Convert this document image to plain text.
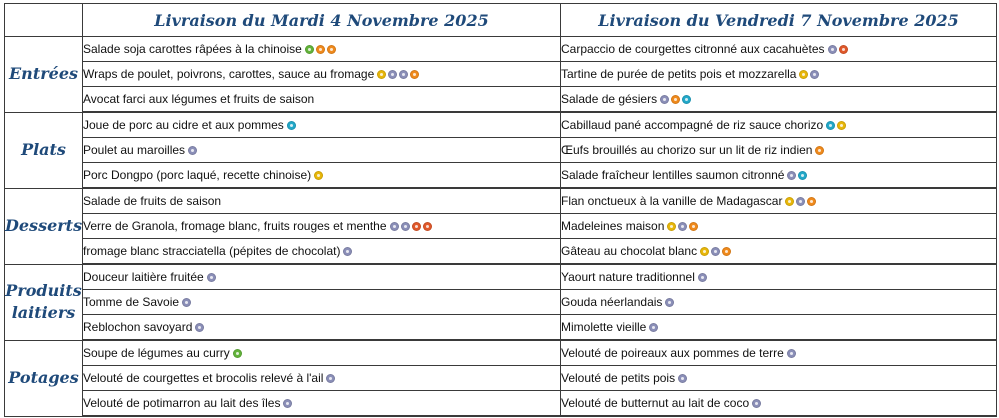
	Livraison du Mardi 4 Novembre 2025	Livraison du Vendredi 7 Novembre 2025
Entrées	Salade soja carottes râpées à la chinoise	Carpaccio de courgettes citronné aux cacahuètes
	Wraps de poulet, poivrons, carottes, sauce au fromage	Tartine de purée de petits pois et mozzarella
	Avocat farci aux légumes et fruits de saison	Salade de gésiers
Plats	Joue de porc au cidre et aux pommes	Cabillaud pané accompagné de riz sauce chorizo
	Poulet au maroilles	Œufs brouillés au chorizo sur un lit de riz indien
	Porc Dongpo (porc laqué, recette chinoise)	Salade fraîcheur lentilles saumon citronné
Desserts	Salade de fruits de saison	Flan onctueux à la vanille de Madagascar
	Verre de Granola, fromage blanc, fruits rouges et menthe	Madeleines maison
	fromage blanc stracciatella (pépites de chocolat)	Gâteau au chocolat blanc
Produits laitiers	Douceur laitière fruitée	Yaourt nature traditionnel
	Tomme de Savoie	Gouda néerlandais
	Reblochon savoyard	Mimolette vieille
Potages	Soupe de légumes au curry	Velouté de poireaux aux pommes de terre
	Velouté de courgettes et brocolis relevé à l'ail	Velouté de petits pois
	Velouté de potimarron au lait des îles	Velouté de butternut au lait de coco
